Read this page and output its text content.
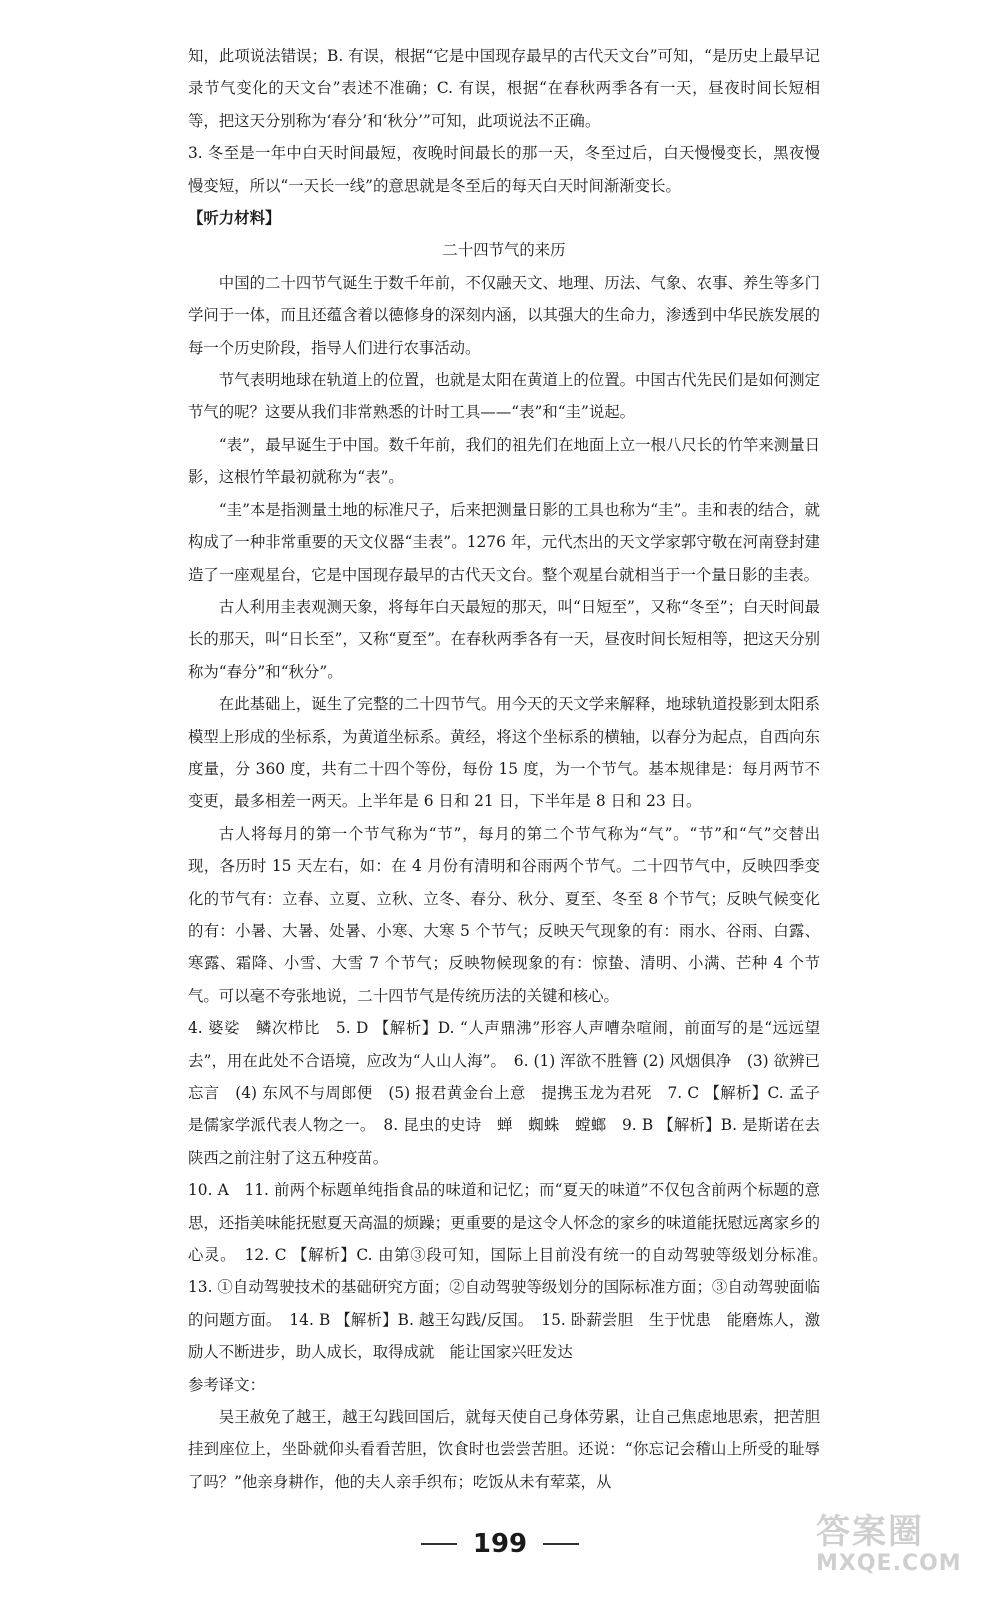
知，此项说法错误；B. 有误，根据“它是中国现存最早的古代天文台”可知，“是历史上最早记录节气变化的天文台”表述不准确；C. 有误，根据“在春秋两季各有一天，昼夜时间长短相等，把这天分别称为‘春分’和‘秋分’”可知，此项说法不正确。

3. 冬至是一年中白天时间最短，夜晚时间最长的那一天，冬至过后，白天慢慢变长，黑夜慢慢变短，所以“一天长一线”的意思就是冬至后的每天白天时间渐渐变长。

【听力材料】

二十四节气的来历

中国的二十四节气诞生于数千年前，不仅融天文、地理、历法、气象、农事、养生等多门学问于一体，而且还蕴含着以德修身的深刻内涵，以其强大的生命力，渗透到中华民族发展的每一个历史阶段，指导人们进行农事活动。

节气表明地球在轨道上的位置，也就是太阳在黄道上的位置。中国古代先民们是如何测定节气的呢？这要从我们非常熟悉的计时工具——“表”和“圭”说起。

“表”，最早诞生于中国。数千年前，我们的祖先们在地面上立一根八尺长的竹竿来测量日影，这根竹竿最初就称为“表”。

“圭”本是指测量土地的标准尺子，后来把测量日影的工具也称为“圭”。圭和表的结合，就构成了一种非常重要的天文仪器“圭表”。1276 年，元代杰出的天文学家郭守敬在河南登封建造了一座观星台，它是中国现存最早的古代天文台。整个观星台就相当于一个量日影的圭表。

古人利用圭表观测天象，将每年白天最短的那天，叫“日短至”，又称“冬至”；白天时间最长的那天，叫“日长至”，又称“夏至”。在春秋两季各有一天，昼夜时间长短相等，把这天分别称为“春分”和“秋分”。

在此基础上，诞生了完整的二十四节气。用今天的天文学来解释，地球轨道投影到太阳系模型上形成的坐标系，为黄道坐标系。黄经，将这个坐标系的横轴，以春分为起点，自西向东度量，分 360 度，共有二十四个等份，每份 15 度，为一个节气。基本规律是：每月两节不变更，最多相差一两天。上半年是 6 日和 21 日，下半年是 8 日和 23 日。

古人将每月的第一个节气称为“节”，每月的第二个节气称为“气”。“节”和“气”交替出现，各历时 15 天左右，如：在 4 月份有清明和谷雨两个节气。二十四节气中，反映四季变化的节气有：立春、立夏、立秋、立冬、春分、秋分、夏至、冬至 8 个节气；反映气候变化的有：小暑、大暑、处暑、小寒、大寒 5 个节气；反映天气现象的有：雨水、谷雨、白露、寒露、霜降、小雪、大雪 7 个节气；反映物候现象的有：惊蛰、清明、小满、芒种 4 个节气。可以毫不夸张地说，二十四节气是传统历法的关键和核心。

4. 婆娑　鳞次栉比　5. D 【解析】D. “人声鼎沸”形容人声嘈杂喧闹，前面写的是“远远望去”，用在此处不合语境，应改为“人山人海”。　6. (1) 浑欲不胜簪 (2) 风烟俱净　(3) 欲辨已忘言　(4) 东风不与周郎便　(5) 报君黄金台上意　提携玉龙为君死　7. C 【解析】C. 孟子是儒家学派代表人物之一。　8. 昆虫的史诗　蝉　蜘蛛　螳螂　9. B 【解析】B. 是斯诺在去陕西之前注射了这五种疫苗。

10. A　11. 前两个标题单纯指食品的味道和记忆；而“夏天的味道”不仅包含前两个标题的意思，还指美味能抚慰夏天高温的烦躁；更重要的是这令人怀念的家乡的味道能抚慰远离家乡的心灵。　12. C 【解析】C. 由第③段可知，国际上目前没有统一的自动驾驶等级划分标准。　13. ①自动驾驶技术的基础研究方面；②自动驾驶等级划分的国际标准方面；③自动驾驶面临的问题方面。　14. B 【解析】B. 越王勾践/反国。　15. 卧薪尝胆　生于忧患　能磨炼人，激励人不断进步，助人成长，取得成就　能让国家兴旺发达

参考译文：

吴王赦免了越王，越王勾践回国后，就每天使自己身体劳累，让自己焦虑地思索，把苦胆挂到座位上，坐卧就仰头看看苦胆，饮食时也尝尝苦胆。还说：“你忘记会稽山上所受的耻辱了吗？”他亲身耕作，他的夫人亲手织布；吃饭从未有荤菜，从

199	答案圈
MXQE.COM
